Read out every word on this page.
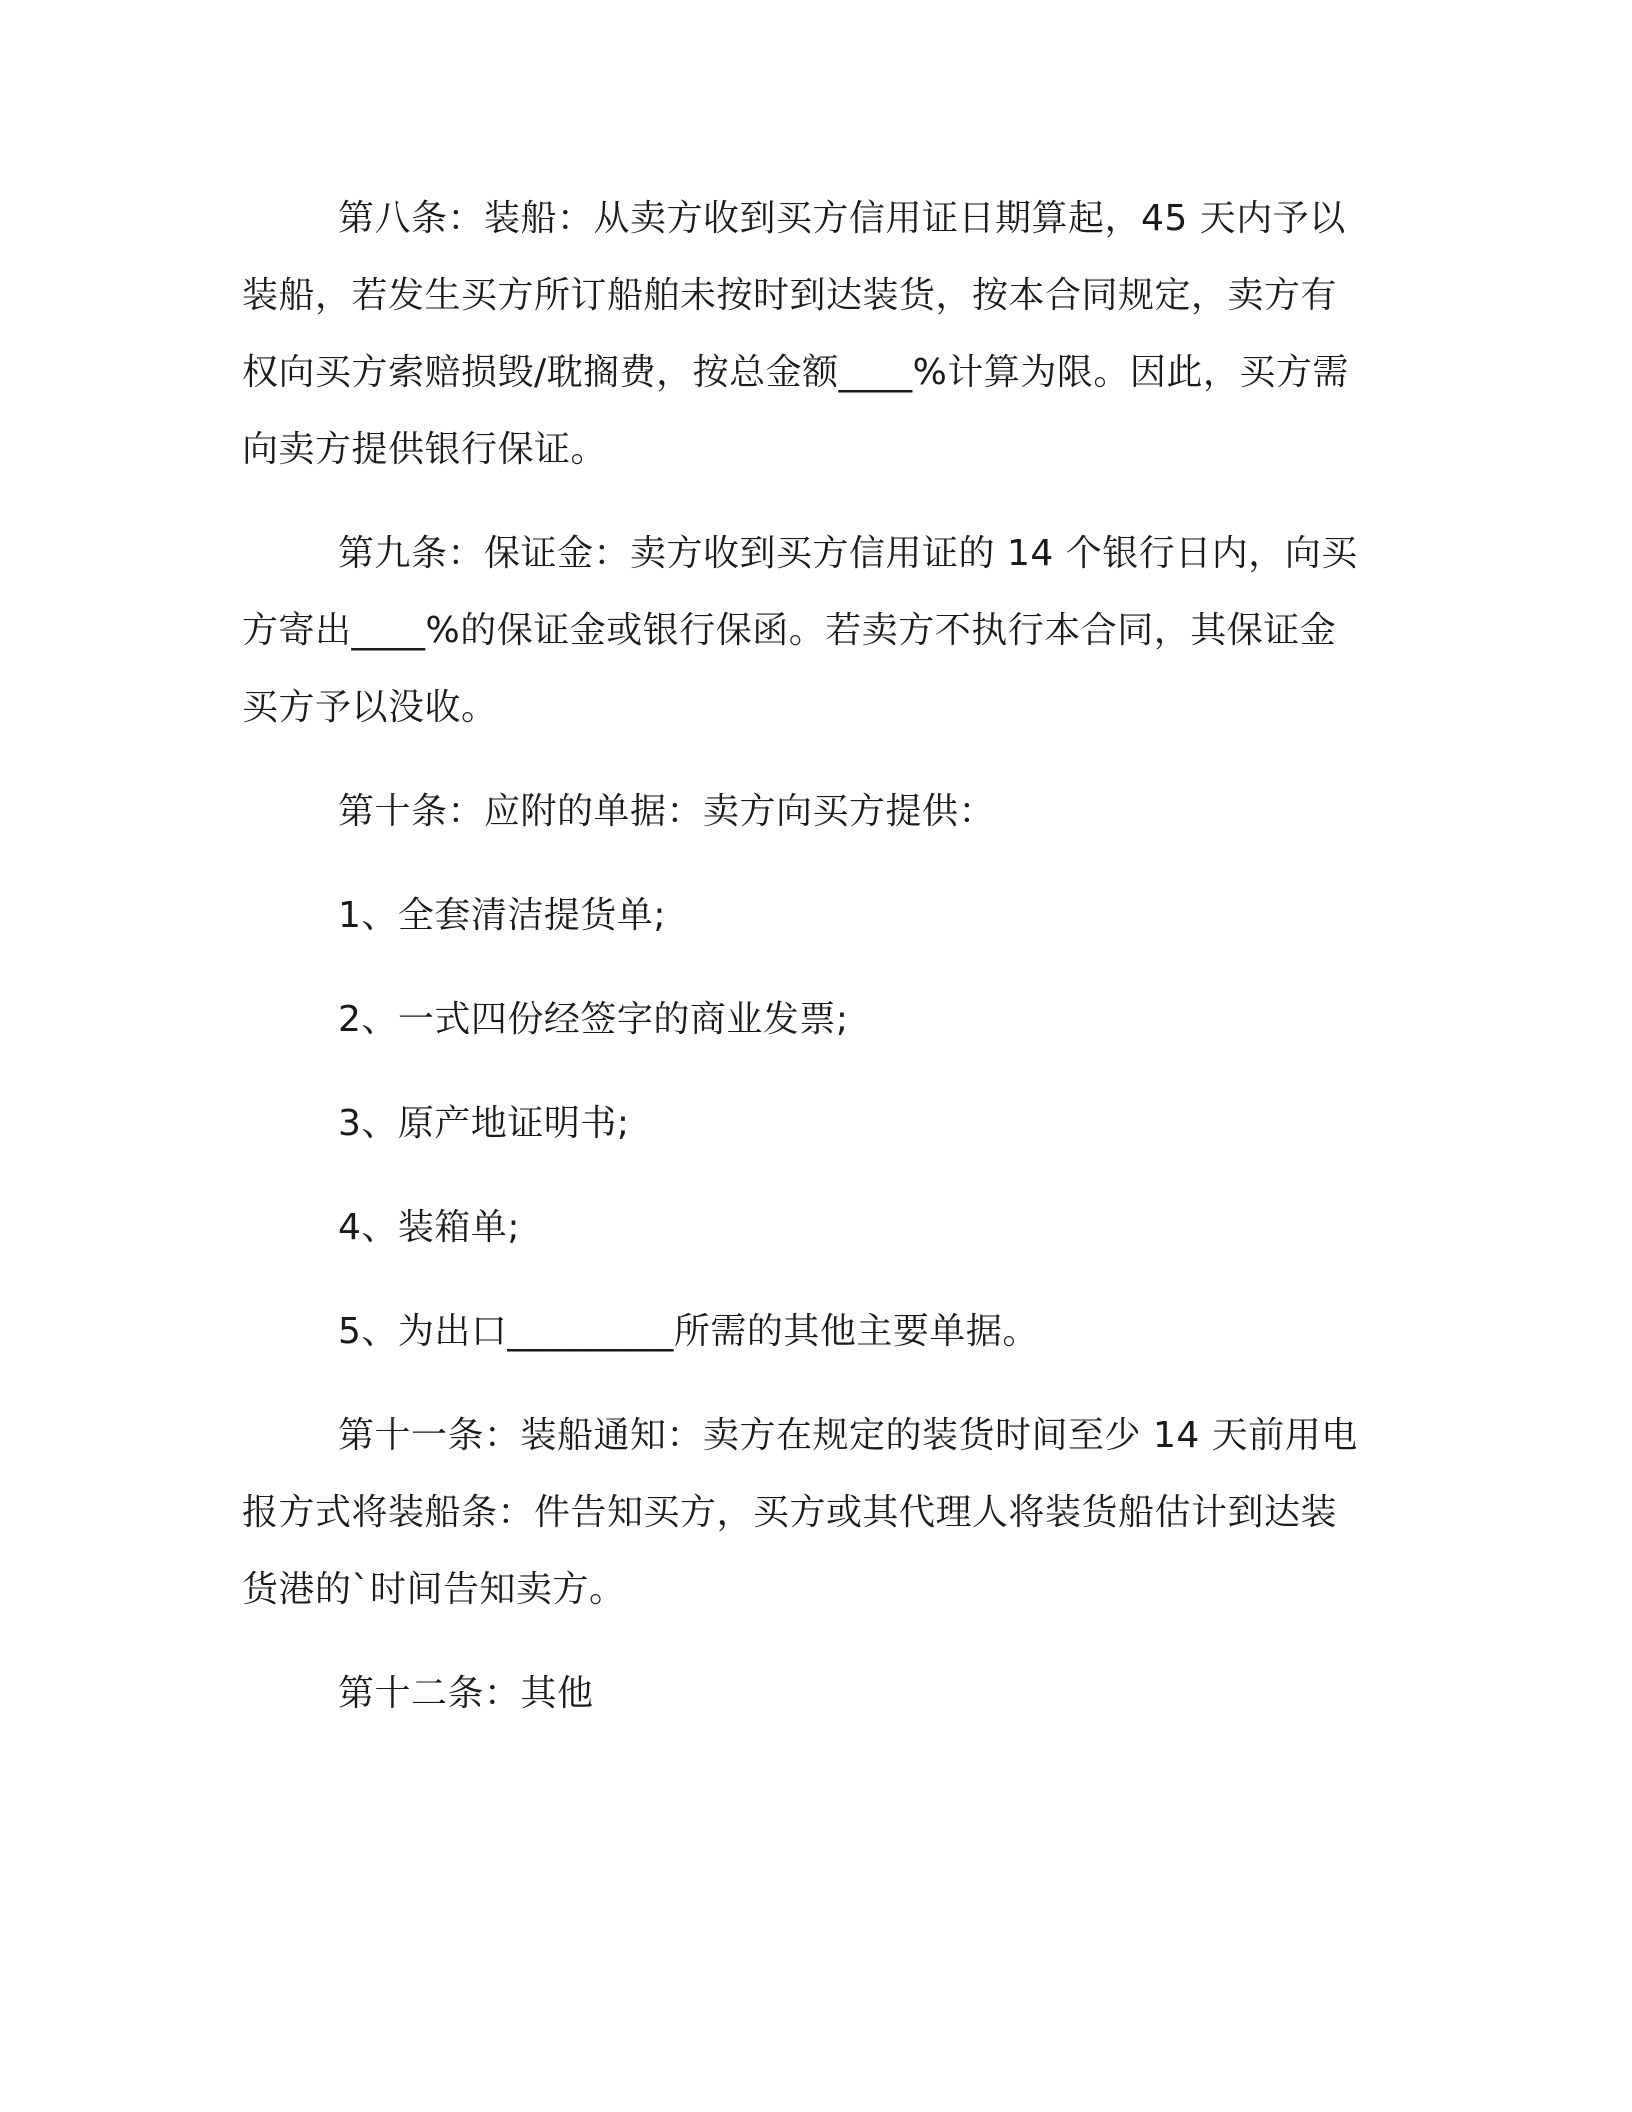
第八条：装船：从卖方收到买方信用证日期算起，45 天内予以
装船，若发生买方所订船舶未按时到达装货，按本合同规定，卖方有
权向买方索赔损毁/耽搁费，按总金额____%计算为限。因此，买方需
向卖方提供银行保证。
第九条：保证金：卖方收到买方信用证的 14 个银行日内，向买
方寄出____%的保证金或银行保函。若卖方不执行本合同，其保证金
买方予以没收。
第十条：应附的单据：卖方向买方提供：

1、全套清洁提货单;

2、一式四份经签字的商业发票;

3、原产地证明书;

4、装箱单;

5、为出口_________所需的其他主要单据。

第十一条：装船通知：卖方在规定的装货时间至少 14 天前用电
报方式将装船条：件告知买方，买方或其代理人将装货船估计到达装
货港的`时间告知卖方。
第十二条：其他
